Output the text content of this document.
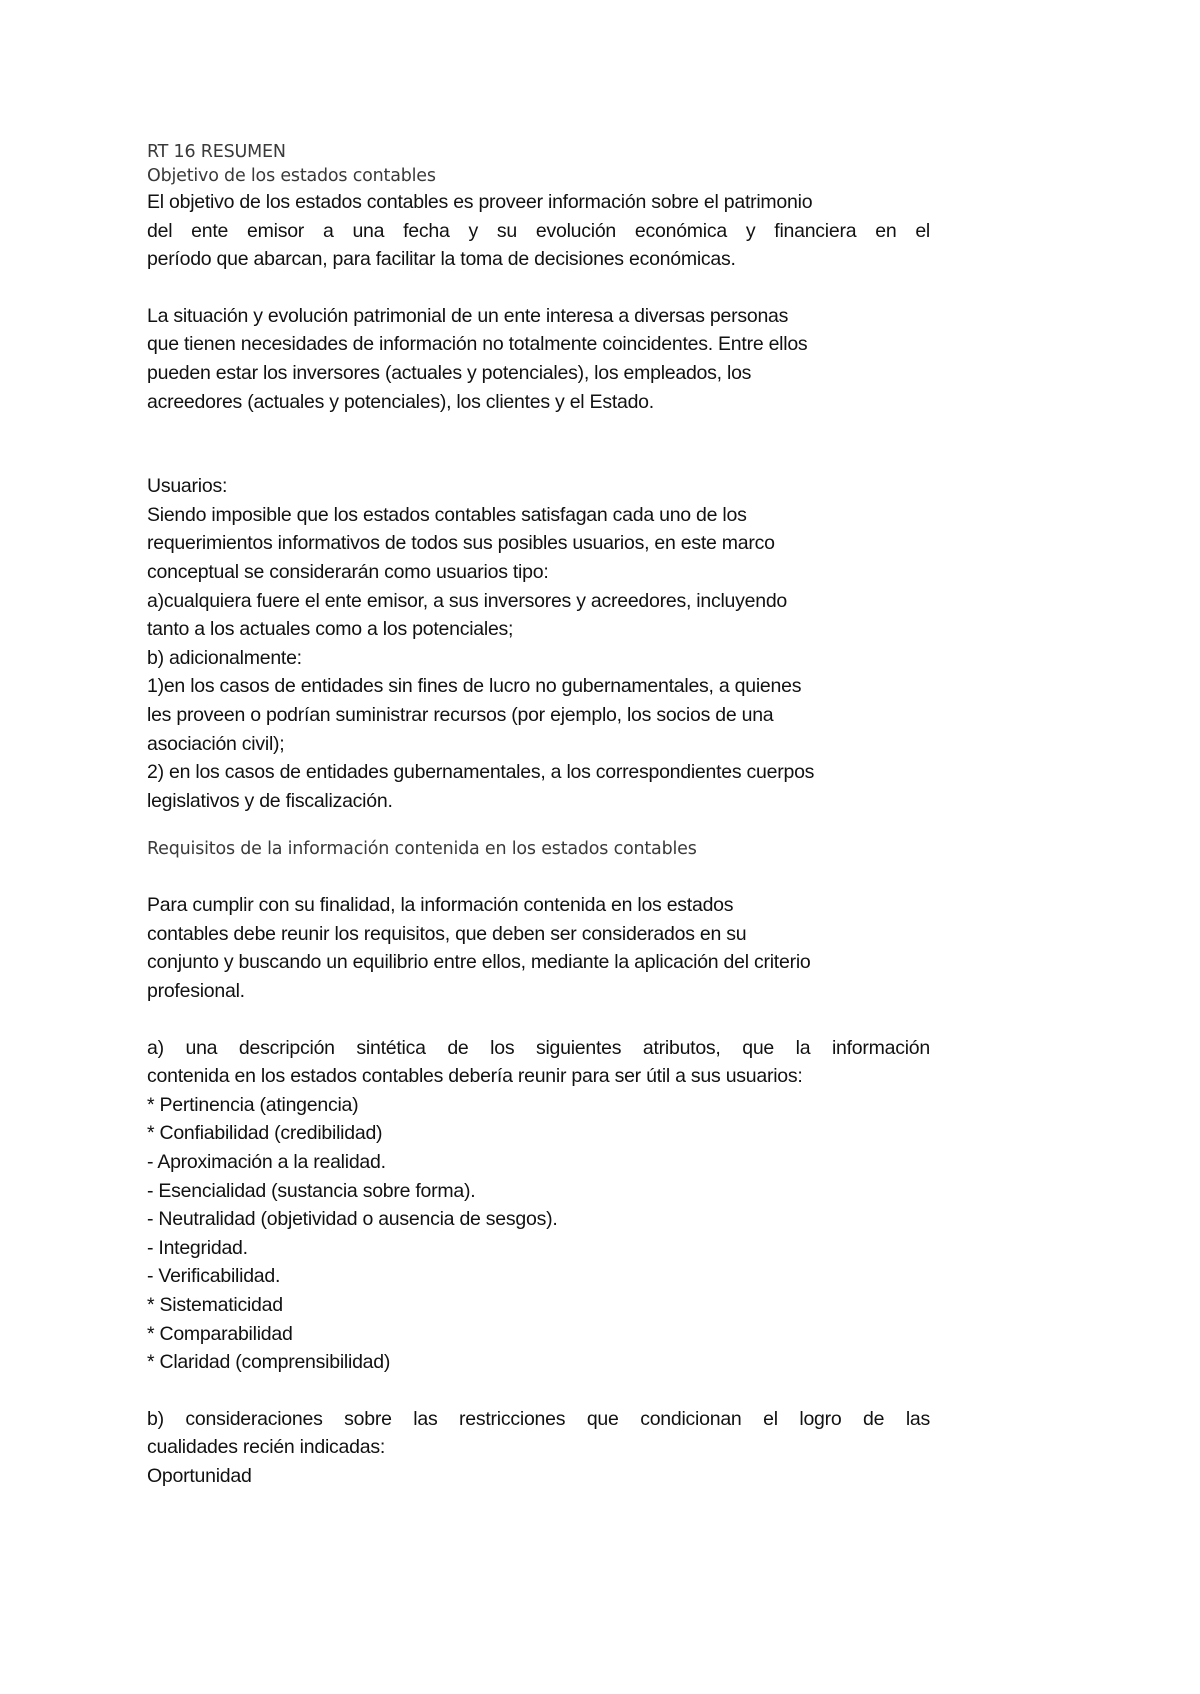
RT 16 RESUMEN
Objetivo de los estados contables
El objetivo de los estados contables es proveer información sobre el patrimonio
del ente emisor a una fecha y su evolución económica y financiera en el
período que abarcan, para facilitar la toma de decisiones económicas.
La situación y evolución patrimonial de un ente interesa a diversas personas
que tienen necesidades de información no totalmente coincidentes. Entre ellos
pueden estar los inversores (actuales y potenciales), los empleados, los
acreedores (actuales y potenciales), los clientes y el Estado.
Usuarios:
Siendo imposible que los estados contables satisfagan cada uno de los
requerimientos informativos de todos sus posibles usuarios, en este marco
conceptual se considerarán como usuarios tipo:
a)cualquiera fuere el ente emisor, a sus inversores y acreedores, incluyendo
tanto a los actuales como a los potenciales;
b) adicionalmente:
1)en los casos de entidades sin fines de lucro no gubernamentales, a quienes
les proveen o podrían suministrar recursos (por ejemplo, los socios de una
asociación civil);
2) en los casos de entidades gubernamentales, a los correspondientes cuerpos
legislativos y de fiscalización.
Requisitos de la información contenida en los estados contables
Para cumplir con su finalidad, la información contenida en los estados
contables debe reunir los requisitos, que deben ser considerados en su
conjunto y buscando un equilibrio entre ellos, mediante la aplicación del criterio
profesional.
a) una descripción sintética de los siguientes atributos, que la información
contenida en los estados contables debería reunir para ser útil a sus usuarios:
* Pertinencia (atingencia)
* Confiabilidad (credibilidad)
- Aproximación a la realidad.
- Esencialidad (sustancia sobre forma).
- Neutralidad (objetividad o ausencia de sesgos).
- Integridad.
- Verificabilidad.
* Sistematicidad
* Comparabilidad
* Claridad (comprensibilidad)
b) consideraciones sobre las restricciones que condicionan el logro de las
cualidades recién indicadas:
Oportunidad
